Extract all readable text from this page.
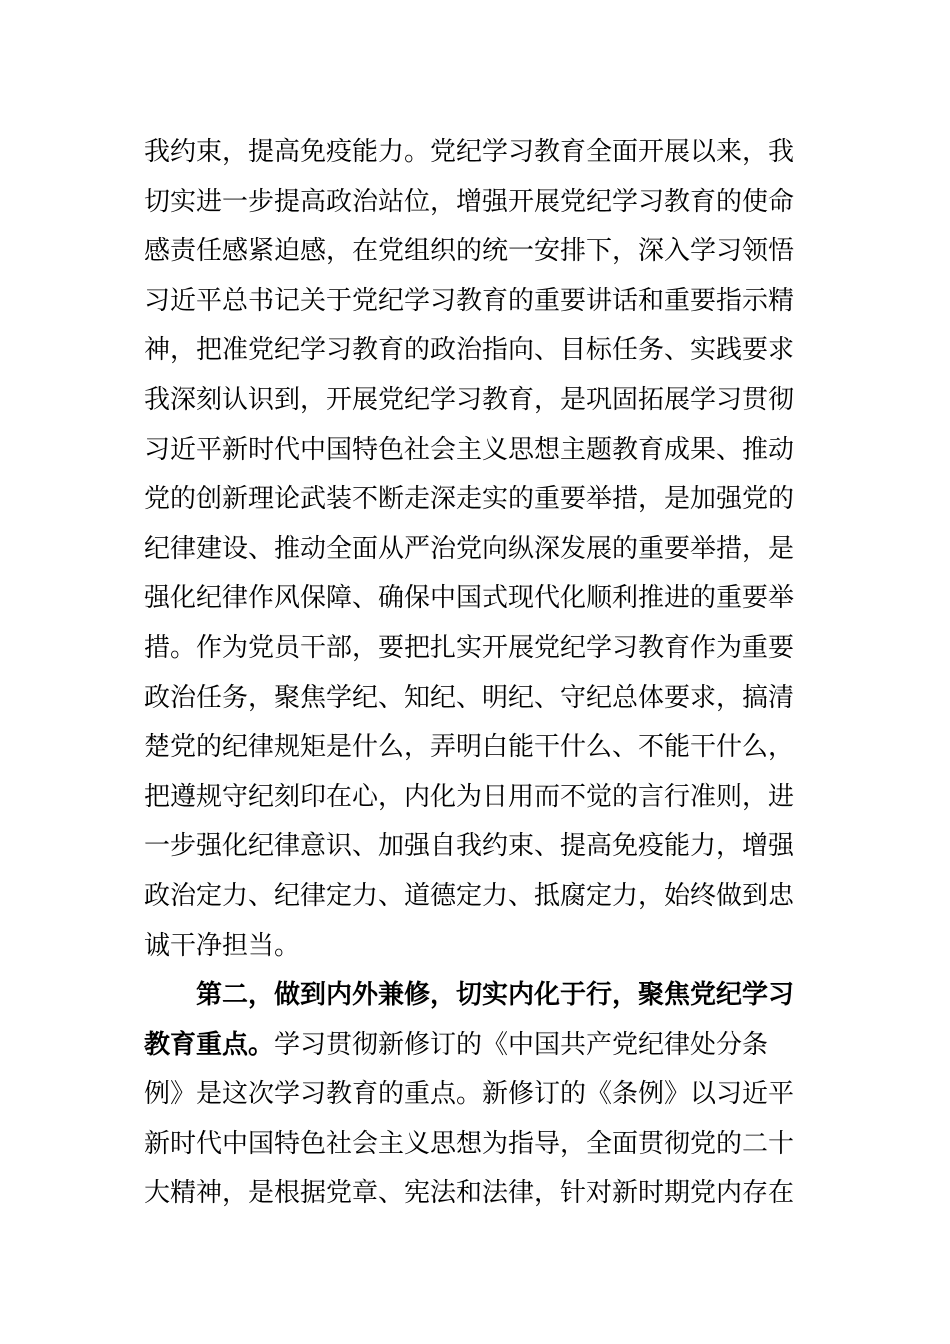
我约束，提高免疫能力。党纪学习教育全面开展以来，我
切实进一步提高政治站位，增强开展党纪学习教育的使命
感责任感紧迫感，在党组织的统一安排下，深入学习领悟
习近平总书记关于党纪学习教育的重要讲话和重要指示精
神，把准党纪学习教育的政治指向、目标任务、实践要求
我深刻认识到，开展党纪学习教育，是巩固拓展学习贯彻
习近平新时代中国特色社会主义思想主题教育成果、推动
党的创新理论武装不断走深走实的重要举措，是加强党的
纪律建设、推动全面从严治党向纵深发展的重要举措，是
强化纪律作风保障、确保中国式现代化顺利推进的重要举
措。作为党员干部，要把扎实开展党纪学习教育作为重要
政治任务，聚焦学纪、知纪、明纪、守纪总体要求，搞清
楚党的纪律规矩是什么，弄明白能干什么、不能干什么，
把遵规守纪刻印在心，内化为日用而不觉的言行准则，进
一步强化纪律意识、加强自我约束、提高免疫能力，增强
政治定力、纪律定力、道德定力、抵腐定力，始终做到忠
诚干净担当。
第二，做到内外兼修，切实内化于行，聚焦党纪学习
教育重点。学习贯彻新修订的《中国共产党纪律处分条
例》是这次学习教育的重点。新修订的《条例》以习近平
新时代中国特色社会主义思想为指导，全面贯彻党的二十
大精神，是根据党章、宪法和法律，针对新时期党内存在
